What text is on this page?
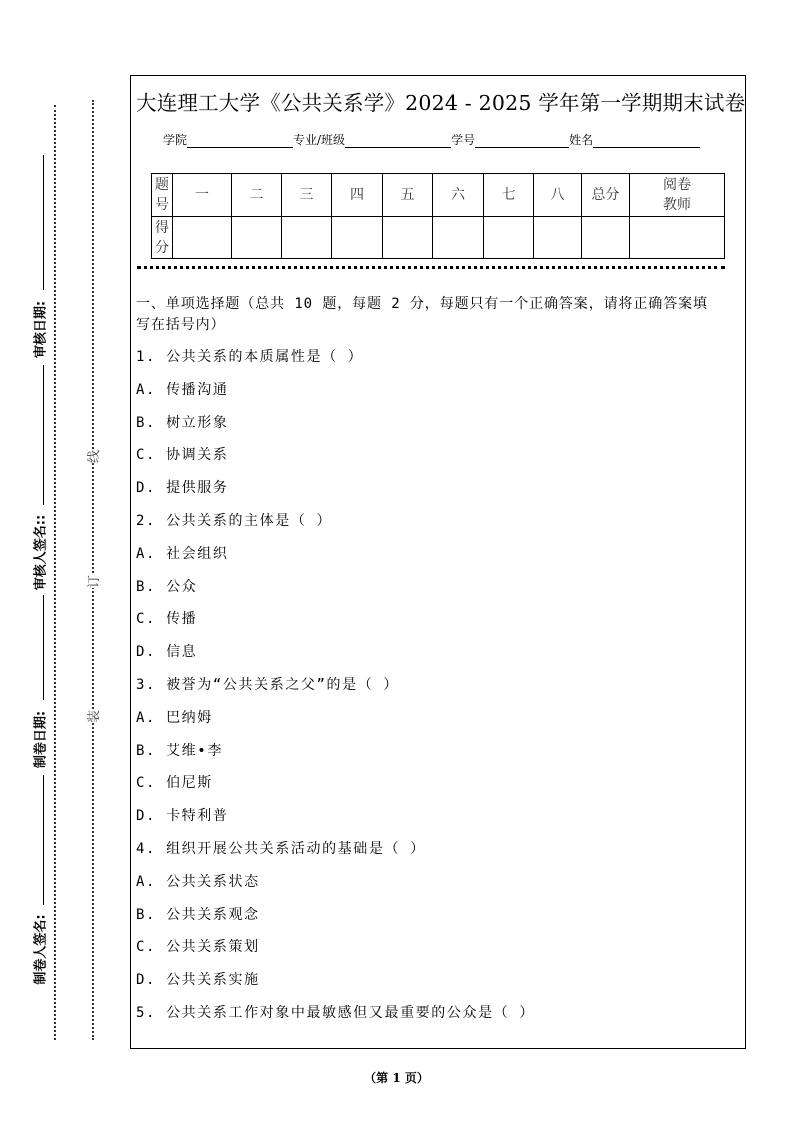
审核日期:
审核人签名::
制卷日期:
制卷人签名:
线
订
装
大连理工大学《公共关系学》2024 - 2025 学年第一学期期末试卷
学院	专业/班级	学号	姓名
题号	一	二	三	四	五	六	七	八	总分	阅卷教师
得分										
一、单项选择题（总共 10 题，每题 2 分，每题只有一个正确答案，请将正确答案填
写在括号内）
1. 公共关系的本质属性是（ ）
A. 传播沟通
B. 树立形象
C. 协调关系
D. 提供服务
2. 公共关系的主体是（ ）
A. 社会组织
B. 公众
C. 传播
D. 信息
3. 被誉为“公共关系之父”的是（ ）
A. 巴纳姆
B. 艾维•李
C. 伯尼斯
D. 卡特利普
4. 组织开展公共关系活动的基础是（ ）
A. 公共关系状态
B. 公共关系观念
C. 公共关系策划
D. 公共关系实施
5. 公共关系工作对象中最敏感但又最重要的公众是（ ）
（第 1 页）
